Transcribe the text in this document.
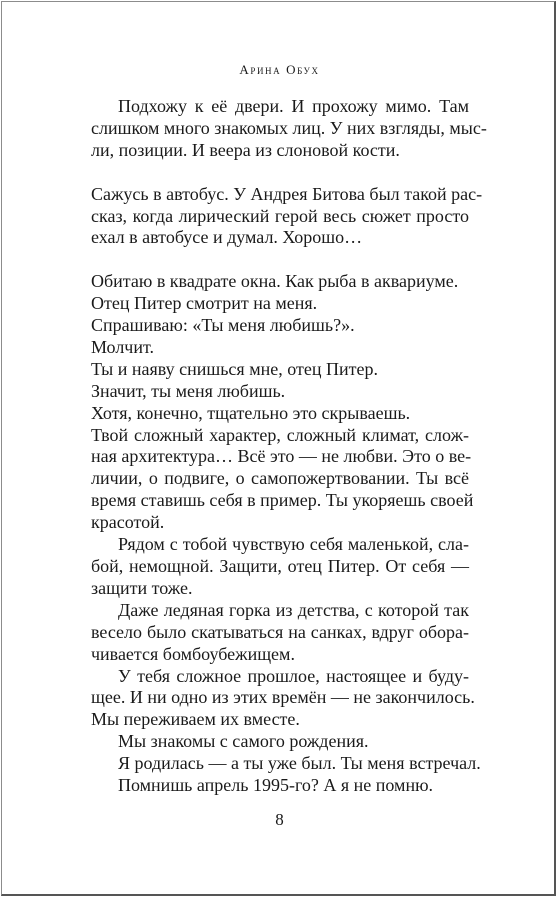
Арина Обух
Подхожу к её двери. И прохожу мимо. Там
слишком много знакомых лиц. У них взгляды, мыс-
ли, позиции. И веера из слоновой кости.
Сажусь в автобус. У Андрея Битова был такой рас-
сказ, когда лирический герой весь сюжет просто
ехал в автобусе и думал. Хорошо…
Обитаю в квадрате окна. Как рыба в аквариуме.
Отец Питер смотрит на меня.
Спрашиваю: «Ты меня любишь?».
Молчит.
Ты и наяву снишься мне, отец Питер.
Значит, ты меня любишь.
Хотя, конечно, тщательно это скрываешь.
Твой сложный характер, сложный климат, слож-
ная архитектура… Всё это — не любви. Это о ве-
личии, о подвиге, о самопожертвовании. Ты всё
время ставишь себя в пример. Ты укоряешь своей
красотой.
Рядом с тобой чувствую себя маленькой, сла-
бой, немощной. Защити, отец Питер. От себя —
защити тоже.
Даже ледяная горка из детства, с которой так
весело было скатываться на санках, вдруг обора-
чивается бомбоубежищем.
У тебя сложное прошлое, настоящее и буду-
щее. И ни одно из этих времён — не закончилось.
Мы переживаем их вместе.
Мы знакомы с самого рождения.
Я родилась — а ты уже был. Ты меня встречал.
Помнишь апрель 1995-го? А я не помню.
8
